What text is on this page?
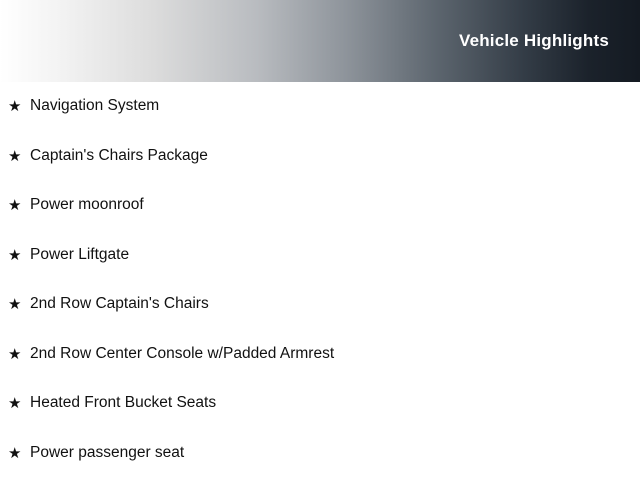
Vehicle Highlights
★ Navigation System
★ Captain's Chairs Package
★ Power moonroof
★ Power Liftgate
★ 2nd Row Captain's Chairs
★ 2nd Row Center Console w/Padded Armrest
★ Heated Front Bucket Seats
★ Power passenger seat
